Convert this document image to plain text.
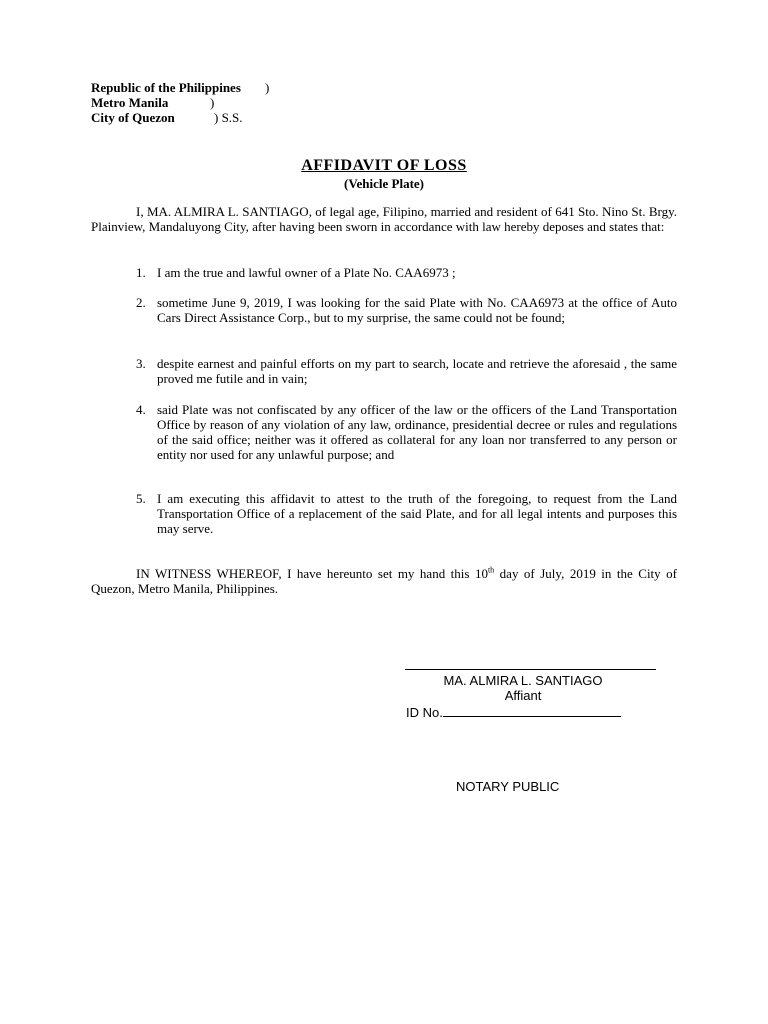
Republic of the Philippines )
Metro Manila	)
City of Quezon	) S.S.
AFFIDAVIT OF LOSS
(Vehicle Plate)
I, MA. ALMIRA L. SANTIAGO, of legal age, Filipino, married and resident of 641 Sto. Nino St. Brgy. Plainview, Mandaluyong City, after having been sworn in accordance with law hereby deposes and states that:
1. I am the true and lawful owner of a Plate No. CAA6973 ;
2. sometime June 9, 2019, I was looking for the said Plate with No. CAA6973 at the office of Auto Cars Direct Assistance Corp., but to my surprise, the same could not be found;
3. despite earnest and painful efforts on my part to search, locate and retrieve the aforesaid , the same proved me futile and in vain;
4. said Plate was not confiscated by any officer of the law or the officers of the Land Transportation Office by reason of any violation of any law, ordinance, presidential decree or rules and regulations of the said office; neither was it offered as collateral for any loan nor transferred to any person or entity nor used for any unlawful purpose; and
5. I am executing this affidavit to attest to the truth of the foregoing, to request from the Land Transportation Office of a replacement of the said Plate, and for all legal intents and purposes this may serve.
IN WITNESS WHEREOF, I have hereunto set my hand this 10th day of July, 2019 in the City of Quezon, Metro Manila, Philippines.
MA. ALMIRA L. SANTIAGO
Affiant
ID No.
NOTARY PUBLIC
